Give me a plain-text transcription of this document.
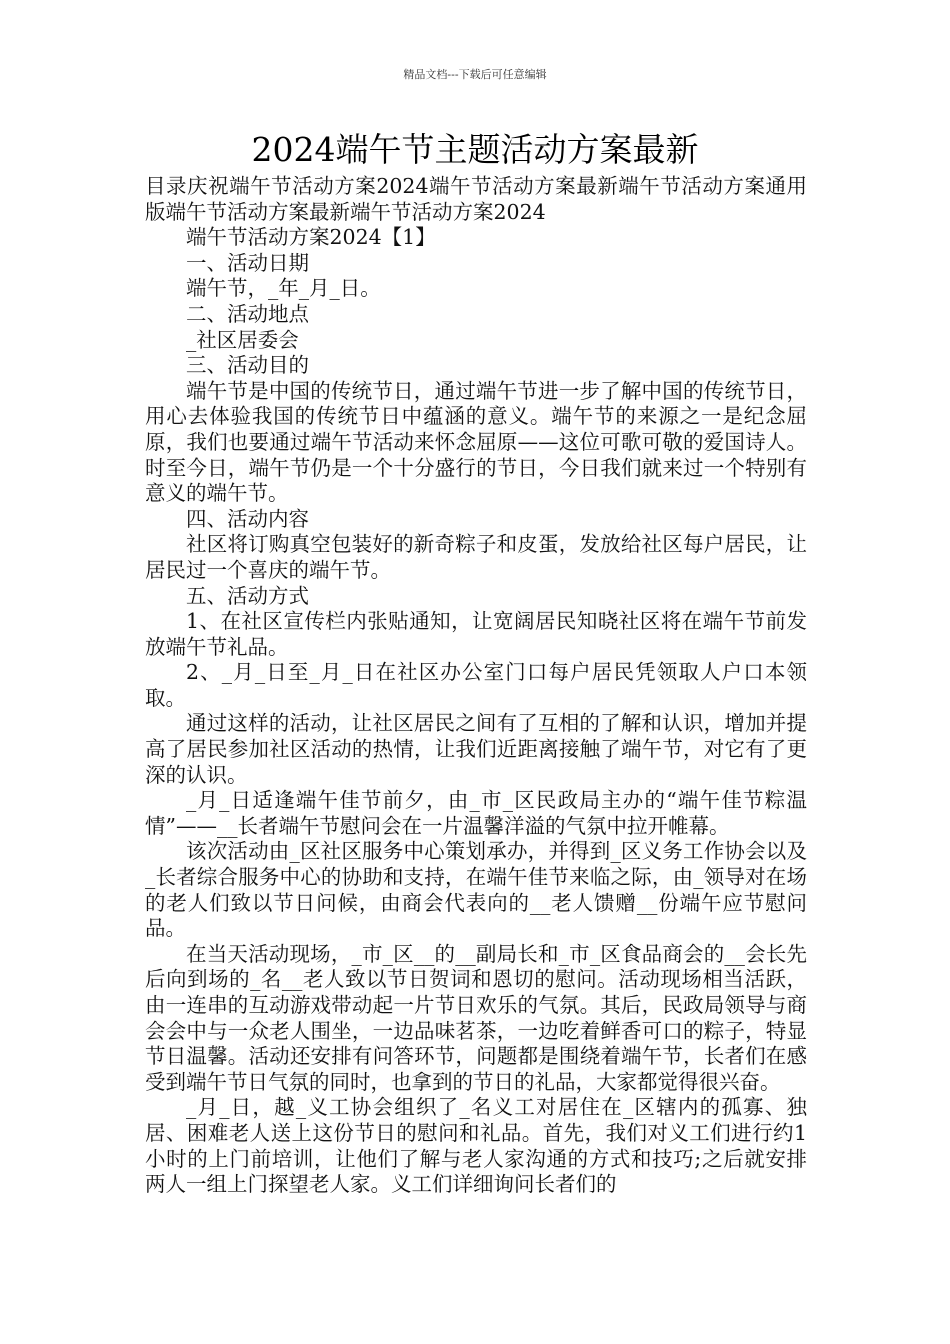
精品文档---下载后可任意编辑
2024端午节主题活动方案最新

目录庆祝端午节活动方案2024端午节活动方案最新端午节活动方案通用版端午节活动方案最新端午节活动方案2024

端午节活动方案2024【1】

一、活动日期

端午节，_年_月_日。

二、活动地点

_社区居委会

三、活动目的

端午节是中国的传统节日，通过端午节进一步了解中国的传统节日，用心去体验我国的传统节日中蕴涵的意义。端午节的来源之一是纪念屈原，我们也要通过端午节活动来怀念屈原——这位可歌可敬的爱国诗人。时至今日，端午节仍是一个十分盛行的节日，今日我们就来过一个特别有意义的端午节。

四、活动内容

社区将订购真空包装好的新奇粽子和皮蛋，发放给社区每户居民，让居民过一个喜庆的端午节。

五、活动方式

1、在社区宣传栏内张贴通知，让宽阔居民知晓社区将在端午节前发放端午节礼品。

2、_月_日至_月_日在社区办公室门口每户居民凭领取人户口本领取。

通过这样的活动，让社区居民之间有了互相的了解和认识，增加并提高了居民参加社区活动的热情，让我们近距离接触了端午节，对它有了更深的认识。

_月_日适逢端午佳节前夕，由_市_区民政局主办的“端午佳节粽温情”——__长者端午节慰问会在一片温馨洋溢的气氛中拉开帷幕。

该次活动由_区社区服务中心策划承办，并得到_区义务工作协会以及_长者综合服务中心的协助和支持，在端午佳节来临之际，由_领导对在场的老人们致以节日问候，由商会代表向的__老人馈赠__份端午应节慰问品。

在当天活动现场，_市_区__的__副局长和_市_区食品商会的__会长先后向到场的_名__老人致以节日贺词和恩切的慰问。活动现场相当活跃，由一连串的互动游戏带动起一片节日欢乐的气氛。其后，民政局领导与商会会中与一众老人围坐，一边品味茗茶，一边吃着鲜香可口的粽子，特显节日温馨。活动还安排有问答环节，问题都是围绕着端午节，长者们在感受到端午节日气氛的同时，也拿到的节日的礼品，大家都觉得很兴奋。

_月_日，越_义工协会组织了_名义工对居住在_区辖内的孤寡、独居、困难老人送上这份节日的慰问和礼品。首先，我们对义工们进行约1小时的上门前培训，让他们了解与老人家沟通的方式和技巧;之后就安排两人一组上门探望老人家。义工们详细询问长者们的
